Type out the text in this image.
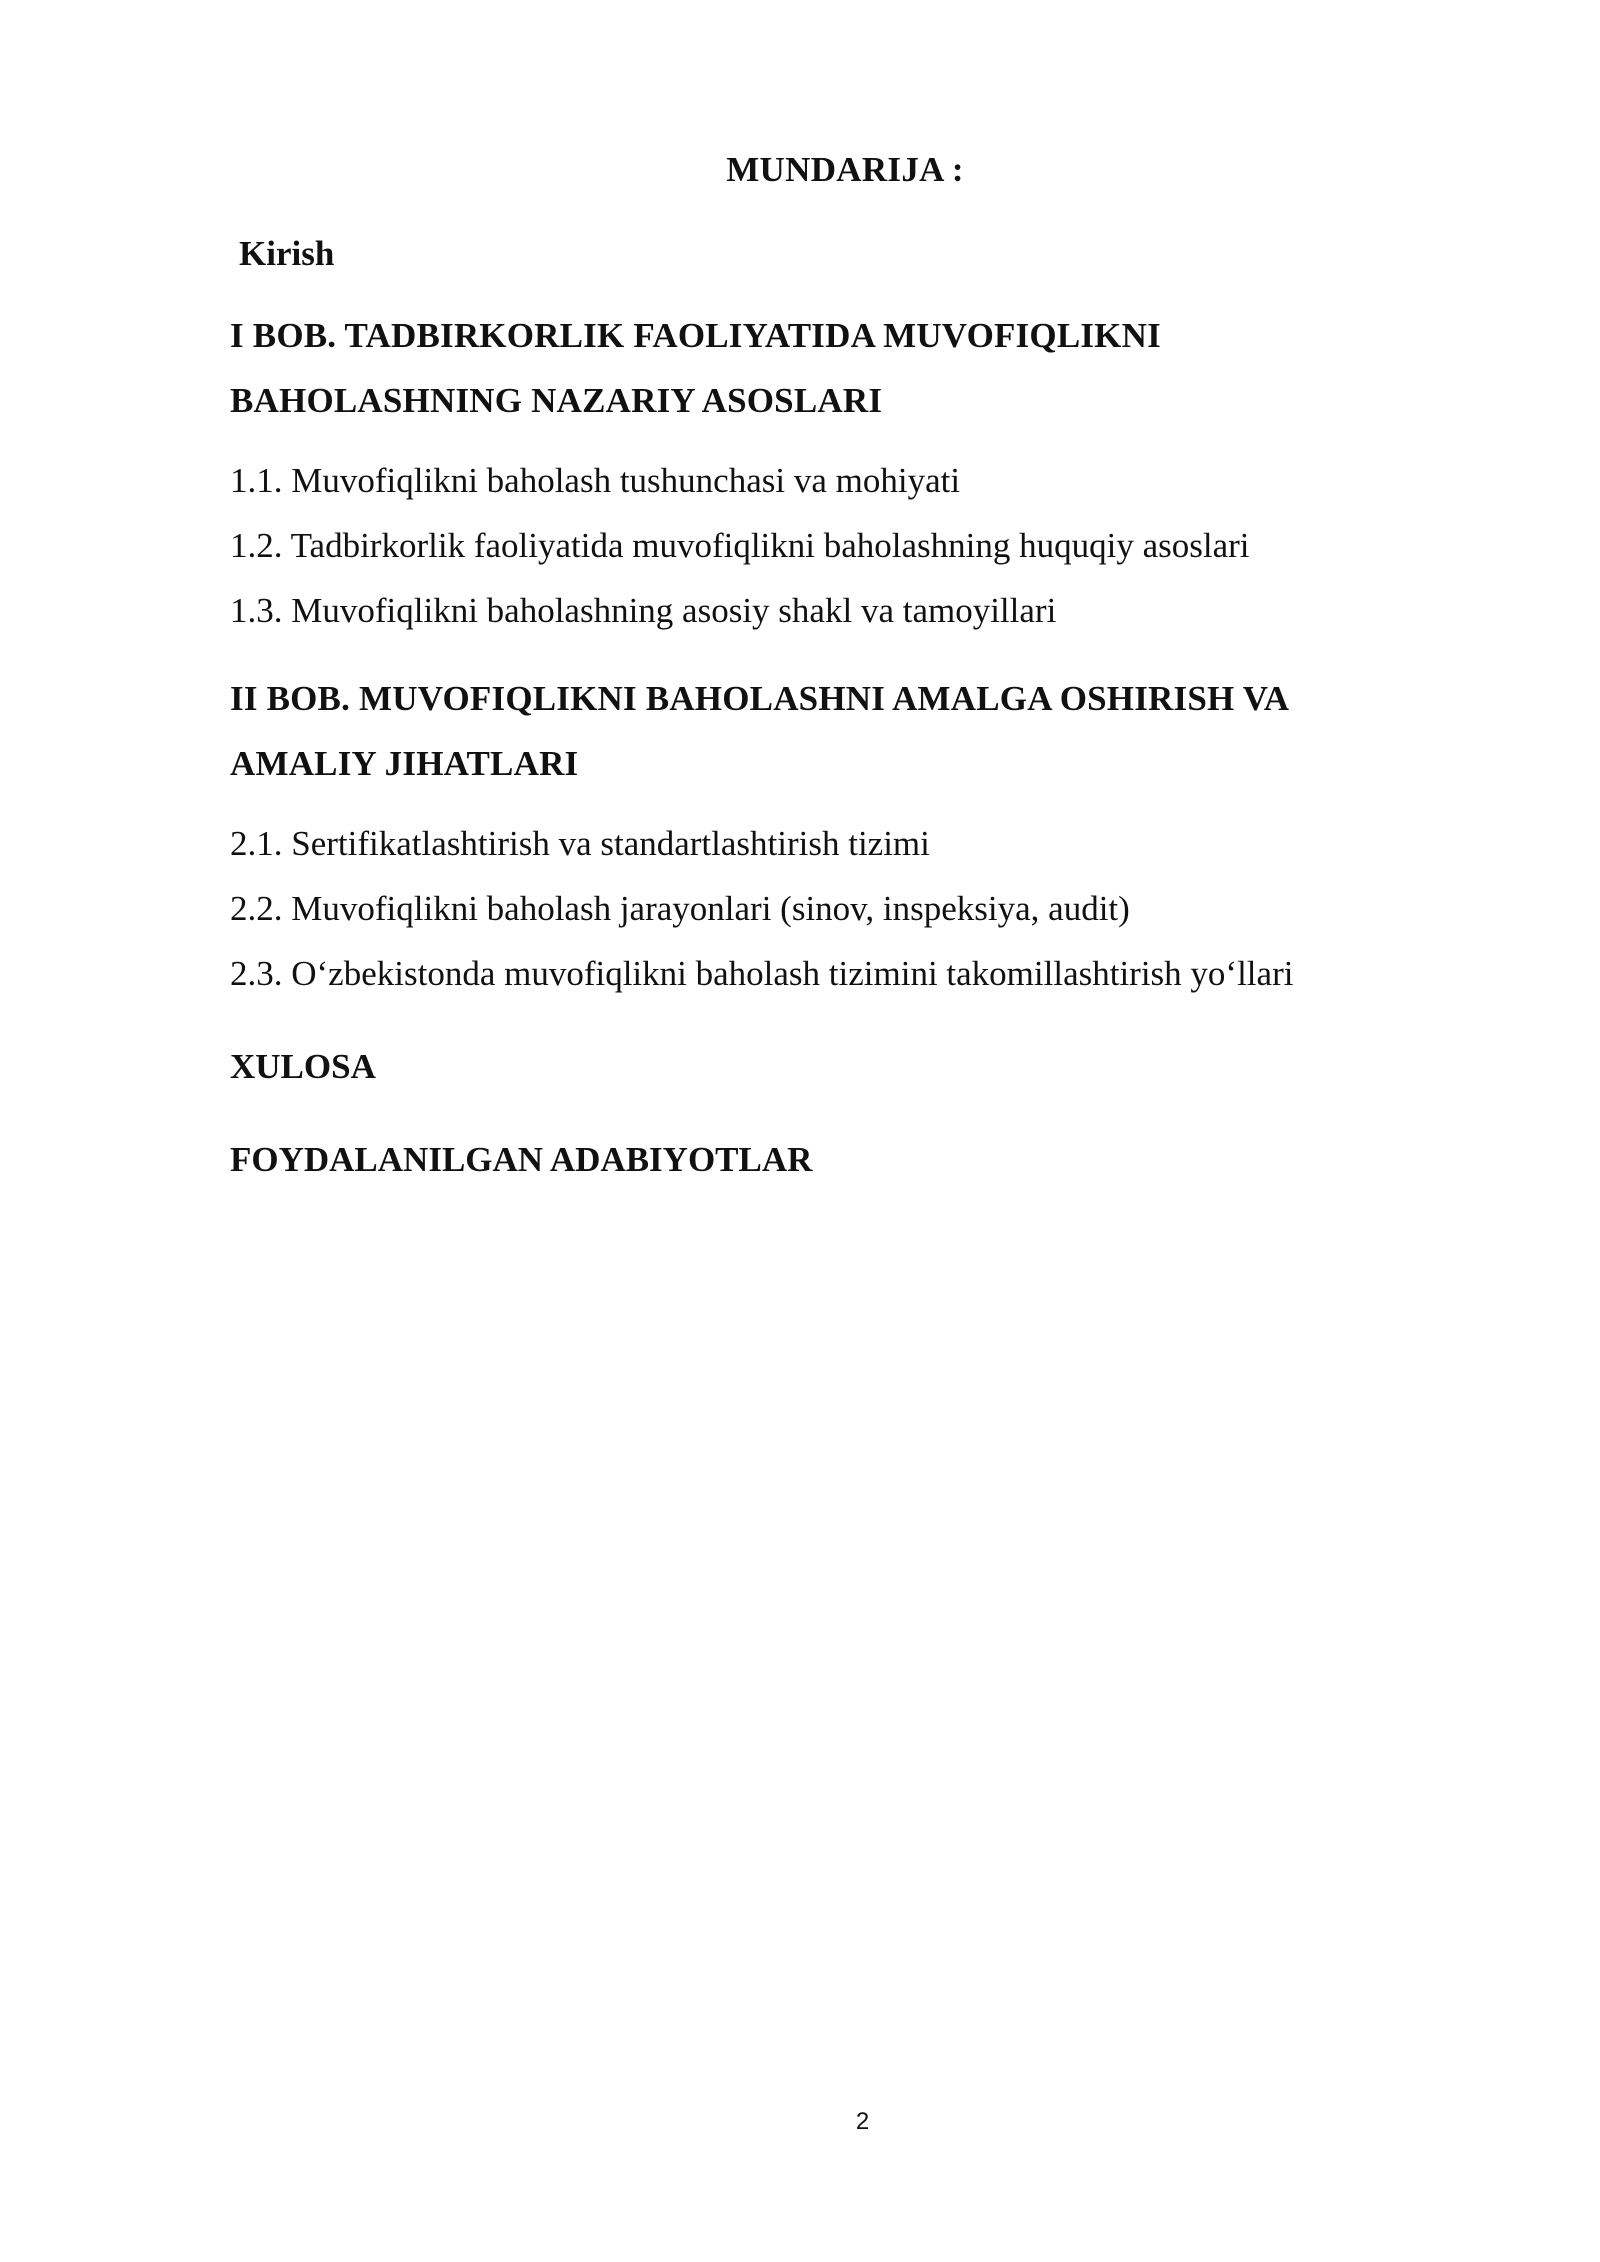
MUNDARIJA :
Kirish
I BOB. TADBIRKORLIK FAOLIYATIDA MUVOFIQLIKNI
BAHOLASHNING NAZARIY ASOSLARI
1.1. Muvofiqlikni baholash tushunchasi va mohiyati
1.2. Tadbirkorlik faoliyatida muvofiqlikni baholashning huquqiy asoslari
1.3. Muvofiqlikni baholashning asosiy shakl va tamoyillari
II BOB. MUVOFIQLIKNI BAHOLASHNI AMALGA OSHIRISH VA
AMALIY JIHATLARI
2.1. Sertifikatlashtirish va standartlashtirish tizimi
2.2. Muvofiqlikni baholash jarayonlari (sinov, inspeksiya, audit)
2.3. O‘zbekistonda muvofiqlikni baholash tizimini takomillashtirish yo‘llari
XULOSA
FOYDALANILGAN ADABIYOTLAR
2
